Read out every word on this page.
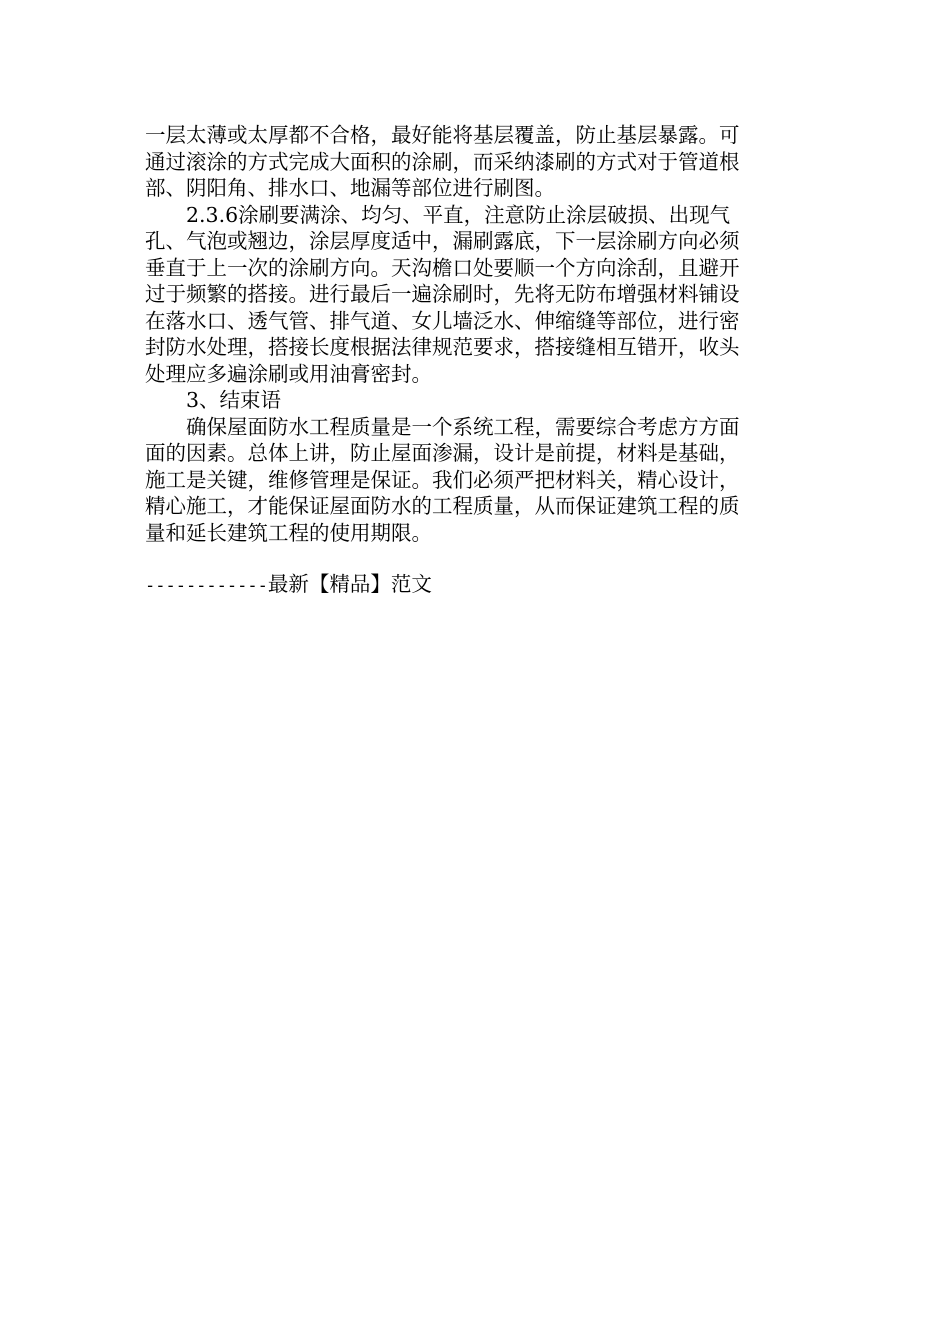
一层太薄或太厚都不合格，最好能将基层覆盖，防止基层暴露。可
通过滚涂的方式完成大面积的涂刷，而采纳漆刷的方式对于管道根
部、阴阳角、排水口、地漏等部位进行刷图。
2.3.6涂刷要满涂、均匀、平直，注意防止涂层破损、出现气
孔、气泡或翘边，涂层厚度适中，漏刷露底，下一层涂刷方向必须
垂直于上一次的涂刷方向。天沟檐口处要顺一个方向涂刮，且避开
过于频繁的搭接。进行最后一遍涂刷时，先将无防布增强材料铺设
在落水口、透气管、排气道、女儿墙泛水、伸缩缝等部位，进行密
封防水处理，搭接长度根据法律规范要求，搭接缝相互错开，收头
处理应多遍涂刷或用油膏密封。
3、结束语
确保屋面防水工程质量是一个系统工程，需要综合考虑方方面
面的因素。总体上讲，防止屋面渗漏，设计是前提，材料是基础，
施工是关键，维修管理是保证。我们必须严把材料关，精心设计，
精心施工，才能保证屋面防水的工程质量，从而保证建筑工程的质
量和延长建筑工程的使用期限。
------------最新【精品】范文
